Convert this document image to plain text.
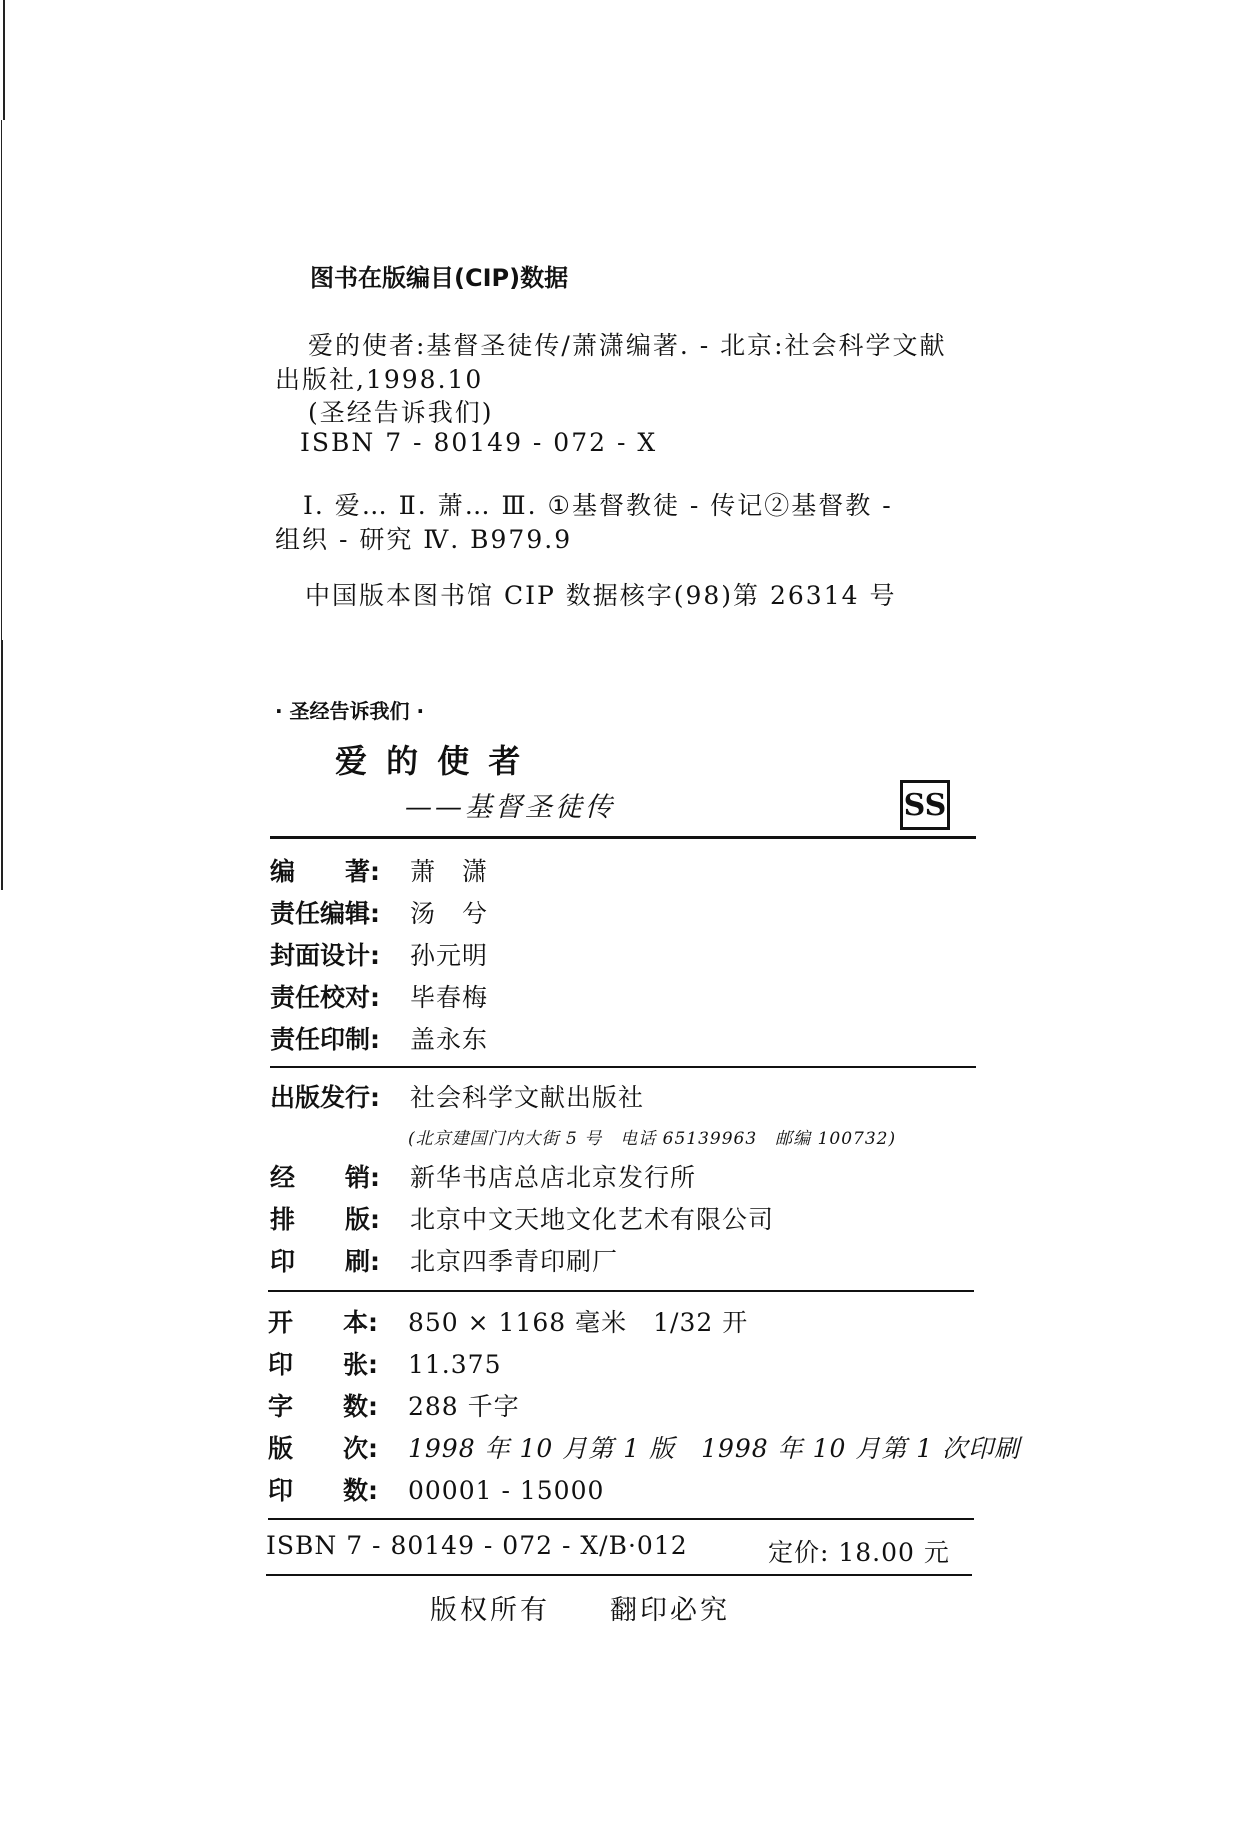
图书在版编目(CIP)数据
爱的使者:基督圣徒传/萧潇编著. - 北京:社会科学文献
出版社,1998.10
(圣经告诉我们)
ISBN 7 - 80149 - 072 - X
Ⅰ. 爱… Ⅱ. 萧… Ⅲ. ①基督教徒 - 传记②基督教 -
组织 - 研究 Ⅳ. B979.9
中国版本图书馆 CIP 数据核字(98)第 26314 号
· 圣经告诉我们 ·
爱 的 使 者
——基督圣徒传	SS
编　　著: 萧　潇
责任编辑: 汤　兮
封面设计: 孙元明
责任校对: 毕春梅
责任印制: 盖永东
出版发行: 社会科学文献出版社
(北京建国门内大街 5 号　电话 65139963　邮编 100732)
经　　销: 新华书店总店北京发行所
排　　版: 北京中文天地文化艺术有限公司
印　　刷: 北京四季青印刷厂
开　　本: 850 × 1168 毫米　1/32 开
印　　张: 11.375
字　　数: 288 千字
版　　次: 1998 年 10 月第 1 版　1998 年 10 月第 1 次印刷
印　　数: 00001 - 15000
ISBN 7 - 80149 - 072 - X/B·012	定价: 18.00 元
版权所有　　翻印必究
